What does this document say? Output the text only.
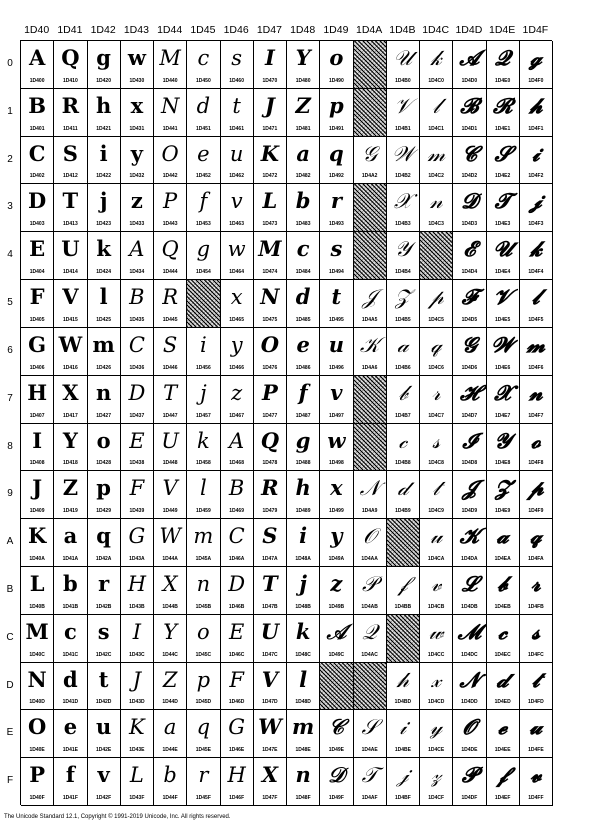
1D40 1D41 1D42 1D43 1D44 1D45 1D46 1D47 1D48 1D49 1D4A 1D4B 1D4C 1D4D 1D4E 1D4F
0
1
2
3
4
5
6
7
8
9
A
B
C
D
E
F
A
1D400
Q
1D410
g
1D420
w
1D430
M
1D440
c
1D450
s
1D460
I
1D470
Y
1D480
o
1D490
𝒰
1D4B0
𝓀
1D4C0
𝓐
1D4D0
𝓠
1D4E0
𝓰
1D4F0
B
1D401
R
1D411
h
1D421
x
1D431
N
1D441
d
1D451
t
1D461
J
1D471
Z
1D481
p
1D491
𝒱
1D4B1
𝓁
1D4C1
𝓑
1D4D1
𝓡
1D4E1
𝓱
1D4F1
C
1D402
S
1D412
i
1D422
y
1D432
O
1D442
e
1D452
u
1D462
K
1D472
a
1D482
q
1D492
𝒢
1D4A2
𝒲
1D4B2
𝓂
1D4C2
𝓒
1D4D2
𝓢
1D4E2
𝓲
1D4F2
D
1D403
T
1D413
j
1D423
z
1D433
P
1D443
f
1D453
v
1D463
L
1D473
b
1D483
r
1D493
𝒳
1D4B3
𝓃
1D4C3
𝓓
1D4D3
𝓣
1D4E3
𝓳
1D4F3
E
1D404
U
1D414
k
1D424
A
1D434
Q
1D444
g
1D454
w
1D464
M
1D474
c
1D484
s
1D494
𝒴
1D4B4
𝓔
1D4D4
𝓤
1D4E4
𝓴
1D4F4
F
1D405
V
1D415
l
1D425
B
1D435
R
1D445
x
1D465
N
1D475
d
1D485
t
1D495
𝒥
1D4A5
𝒵
1D4B5
𝓅
1D4C5
𝓕
1D4D5
𝓥
1D4E5
𝓵
1D4F5
G
1D406
W
1D416
m
1D426
C
1D436
S
1D446
i
1D456
y
1D466
O
1D476
e
1D486
u
1D496
𝒦
1D4A6
𝒶
1D4B6
𝓆
1D4C6
𝓖
1D4D6
𝓦
1D4E6
𝓶
1D4F6
H
1D407
X
1D417
n
1D427
D
1D437
T
1D447
j
1D457
z
1D467
P
1D477
f
1D487
v
1D497
𝒷
1D4B7
𝓇
1D4C7
𝓗
1D4D7
𝓧
1D4E7
𝓷
1D4F7
I
1D408
Y
1D418
o
1D428
E
1D438
U
1D448
k
1D458
A
1D468
Q
1D478
g
1D488
w
1D498
𝒸
1D4B8
𝓈
1D4C8
𝓘
1D4D8
𝓨
1D4E8
𝓸
1D4F8
J
1D409
Z
1D419
p
1D429
F
1D439
V
1D449
l
1D459
B
1D469
R
1D479
h
1D489
x
1D499
𝒩
1D4A9
𝒹
1D4B9
𝓉
1D4C9
𝓙
1D4D9
𝓩
1D4E9
𝓹
1D4F9
K
1D40A
a
1D41A
q
1D42A
G
1D43A
W
1D44A
m
1D45A
C
1D46A
S
1D47A
i
1D48A
y
1D49A
𝒪
1D4AA
𝓊
1D4CA
𝓚
1D4DA
𝓪
1D4EA
𝓺
1D4FA
L
1D40B
b
1D41B
r
1D42B
H
1D43B
X
1D44B
n
1D45B
D
1D46B
T
1D47B
j
1D48B
z
1D49B
𝒫
1D4AB
𝒻
1D4BB
𝓋
1D4CB
𝓛
1D4DB
𝓫
1D4EB
𝓻
1D4FB
M
1D40C
c
1D41C
s
1D42C
I
1D43C
Y
1D44C
o
1D45C
E
1D46C
U
1D47C
k
1D48C
𝒜
1D49C
𝒬
1D4AC
𝓌
1D4CC
𝓜
1D4DC
𝓬
1D4EC
𝓼
1D4FC
N
1D40D
d
1D41D
t
1D42D
J
1D43D
Z
1D44D
p
1D45D
F
1D46D
V
1D47D
l
1D48D
𝒽
1D4BD
𝓍
1D4CD
𝓝
1D4DD
𝓭
1D4ED
𝓽
1D4FD
O
1D40E
e
1D41E
u
1D42E
K
1D43E
a
1D44E
q
1D45E
G
1D46E
W
1D47E
m
1D48E
𝒞
1D49E
𝒮
1D4AE
𝒾
1D4BE
𝓎
1D4CE
𝓞
1D4DE
𝓮
1D4EE
𝓾
1D4FE
P
1D40F
f
1D41F
v
1D42F
L
1D43F
b
1D44F
r
1D45F
H
1D46F
X
1D47F
n
1D48F
𝒟
1D49F
𝒯
1D4AF
𝒿
1D4BF
𝓏
1D4CF
𝓟
1D4DF
𝓯
1D4EF
𝓿
1D4FF
The Unicode Standard 12.1, Copyright © 1991-2019 Unicode, Inc. All rights reserved.
